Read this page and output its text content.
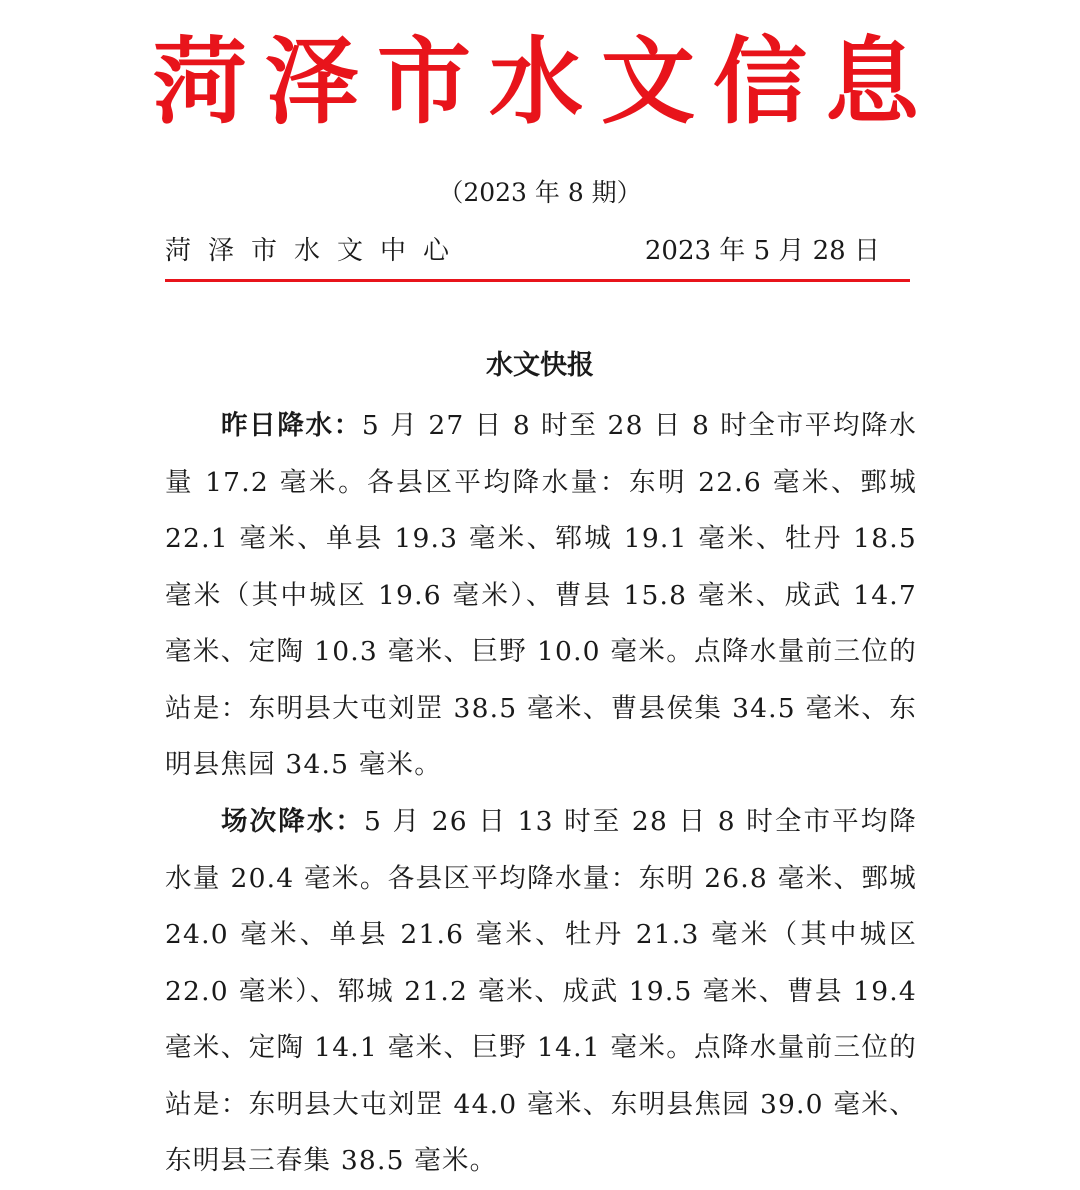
菏泽市水文信息
（2023 年 8 期）
菏泽市水文中心	2023 年 5 月 28 日
水文快报

昨日降水：5 月 27 日 8 时至 28 日 8 时全市平均降水量 17.2 毫米。各县区平均降水量：东明 22.6 毫米、鄄城 22.1 毫米、单县 19.3 毫米、郓城 19.1 毫米、牡丹 18.5 毫米（其中城区 19.6 毫米）、曹县 15.8 毫米、成武 14.7 毫米、定陶 10.3 毫米、巨野 10.0 毫米。点降水量前三位的站是：东明县大屯刘罡 38.5 毫米、曹县侯集 34.5 毫米、东明县焦园 34.5 毫米。

场次降水：5 月 26 日 13 时至 28 日 8 时全市平均降水量 20.4 毫米。各县区平均降水量：东明 26.8 毫米、鄄城 24.0 毫米、单县 21.6 毫米、牡丹 21.3 毫米（其中城区 22.0 毫米）、郓城 21.2 毫米、成武 19.5 毫米、曹县 19.4 毫米、定陶 14.1 毫米、巨野 14.1 毫米。点降水量前三位的站是：东明县大屯刘罡 44.0 毫米、东明县焦园 39.0 毫米、东明县三春集 38.5 毫米。
